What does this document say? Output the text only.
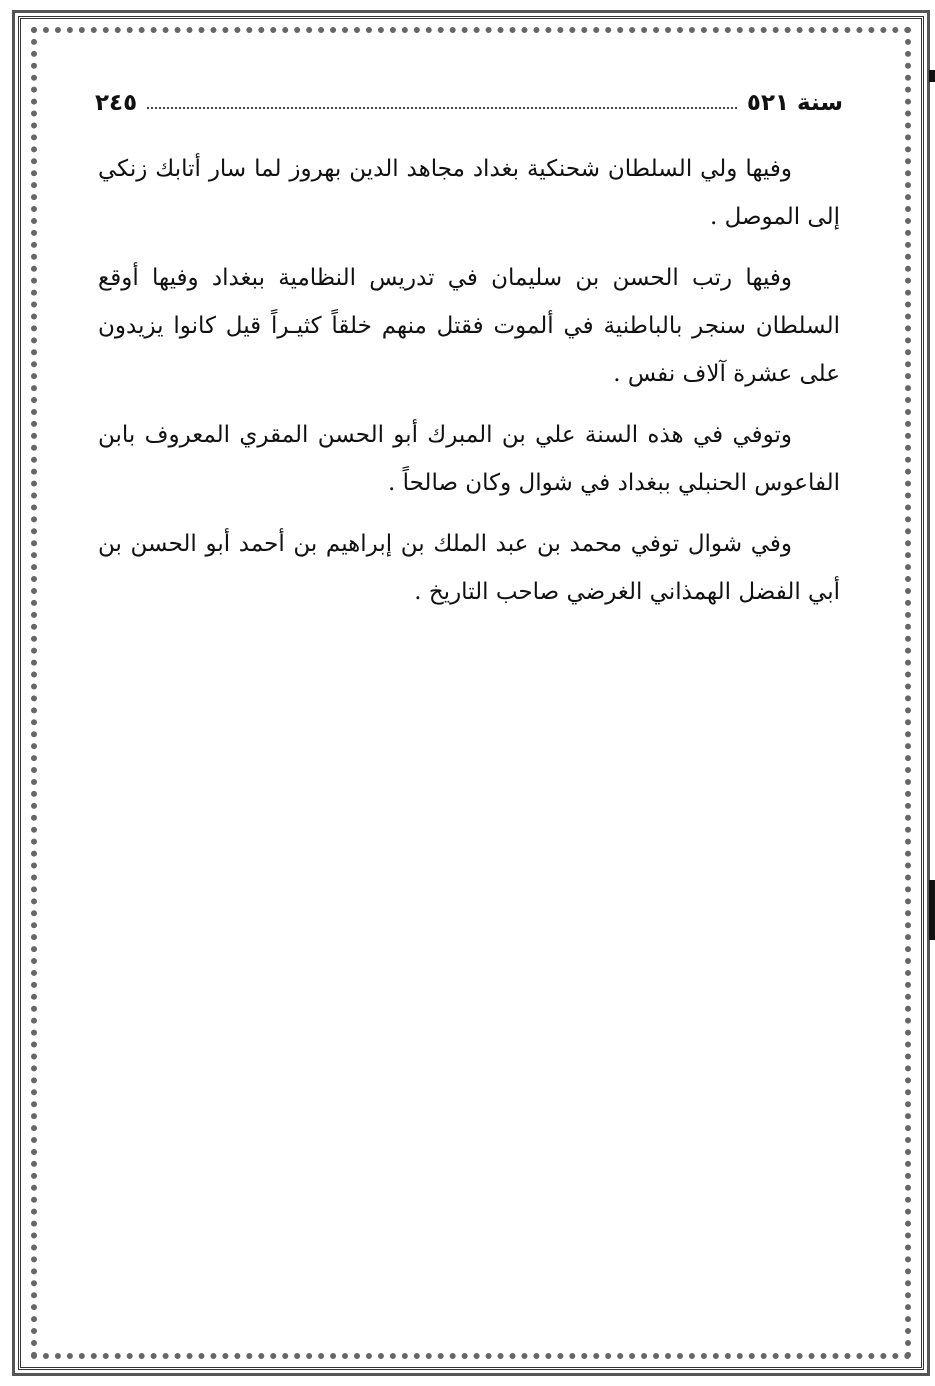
سنة ٥٢١
٢٤٥

وفيها ولي السلطان شحنكية بغداد مجاهد الدين بهروز لما سار أتابك زنكي إلى الموصل .

وفيها رتب الحسن بن سليمان في تدريس النظامية ببغداد وفيها أوقع السلطان سنجر بالباطنية في ألموت فقتل منهم خلقاً كثيـراً قيل كانوا يزيدون على عشرة آلاف نفس .

وتوفي في هذه السنة علي بن المبرك أبو الحسن المقري المعروف بابن الفاعوس الحنبلي ببغداد في شوال وكان صالحاً .

وفي شوال توفي محمد بن عبد الملك بن إبراهيم بن أحمد أبو الحسن بن أبي الفضل الهمذاني الغرضي صاحب التاريخ .
